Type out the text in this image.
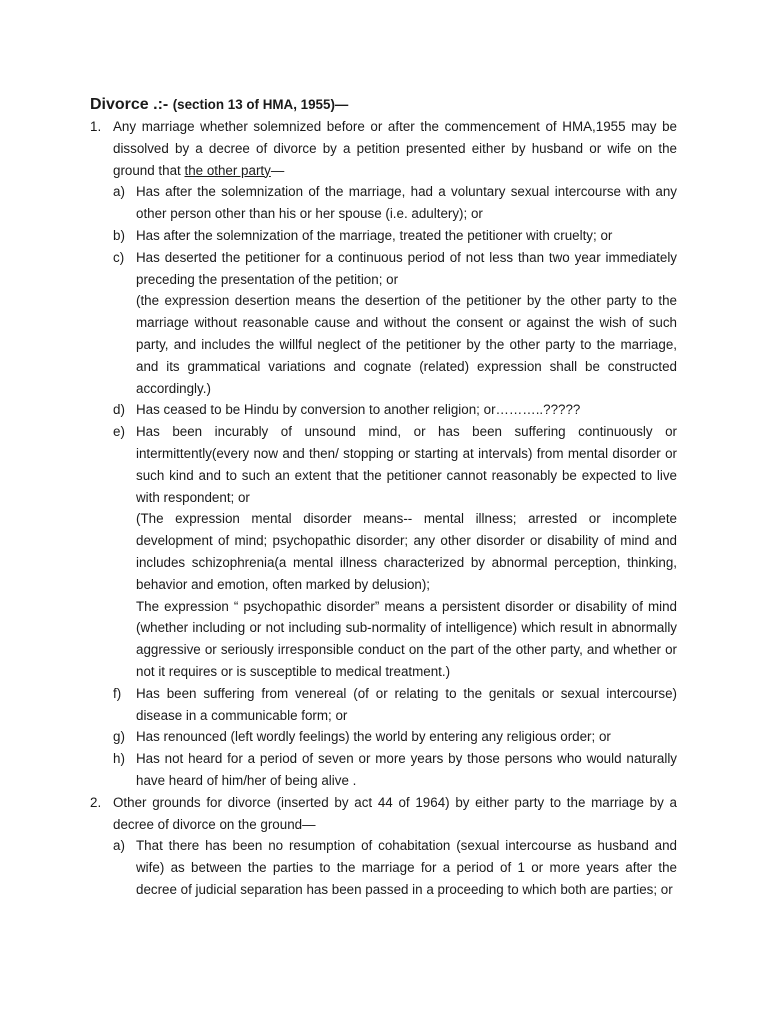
Divorce .:- (section 13 of HMA, 1955)—
1. Any marriage whether solemnized before or after the commencement of HMA,1955 may be dissolved by a decree of divorce by a petition presented either by husband or wife on the ground that the other party—
a) Has after the solemnization of the marriage, had a voluntary sexual intercourse with any other person other than his or her spouse (i.e. adultery); or
b) Has after the solemnization of the marriage, treated the petitioner with cruelty; or
c) Has deserted the petitioner for a continuous period of not less than two year immediately preceding the presentation of the petition; or
(the expression desertion means the desertion of the petitioner by the other party to the marriage without reasonable cause and without the consent or against the wish of such party, and includes the willful neglect of the petitioner by the other party to the marriage, and its grammatical variations and cognate (related) expression shall be constructed accordingly.)
d) Has ceased to be Hindu by conversion to another religion; or………..?????
e) Has been incurably of unsound mind, or has been suffering continuously or intermittently(every now and then/ stopping or starting at intervals) from mental disorder or such kind and to such an extent that the petitioner cannot reasonably be expected to live with respondent; or
(The expression mental disorder means-- mental illness; arrested or incomplete development of mind; psychopathic disorder; any other disorder or disability of mind and includes schizophrenia(a mental illness characterized by abnormal perception, thinking, behavior and emotion, often marked by delusion);
The expression “ psychopathic disorder” means a persistent disorder or disability of mind (whether including or not including sub-normality of intelligence) which result in abnormally aggressive or seriously irresponsible conduct on the part of the other party, and whether or not it requires or is susceptible to medical treatment.)
f) Has been suffering from venereal (of or relating to the genitals or sexual intercourse) disease in a communicable form; or
g) Has renounced (left wordly feelings) the world by entering any religious order; or
h) Has not heard for a period of seven or more years by those persons who would naturally have heard of him/her of being alive .
2. Other grounds for divorce (inserted by act 44 of 1964) by either party to the marriage by a decree of divorce on the ground—
a) That there has been no resumption of cohabitation (sexual intercourse as husband and wife) as between the parties to the marriage for a period of 1 or more years after the decree of judicial separation has been passed in a proceeding to which both are parties; or
